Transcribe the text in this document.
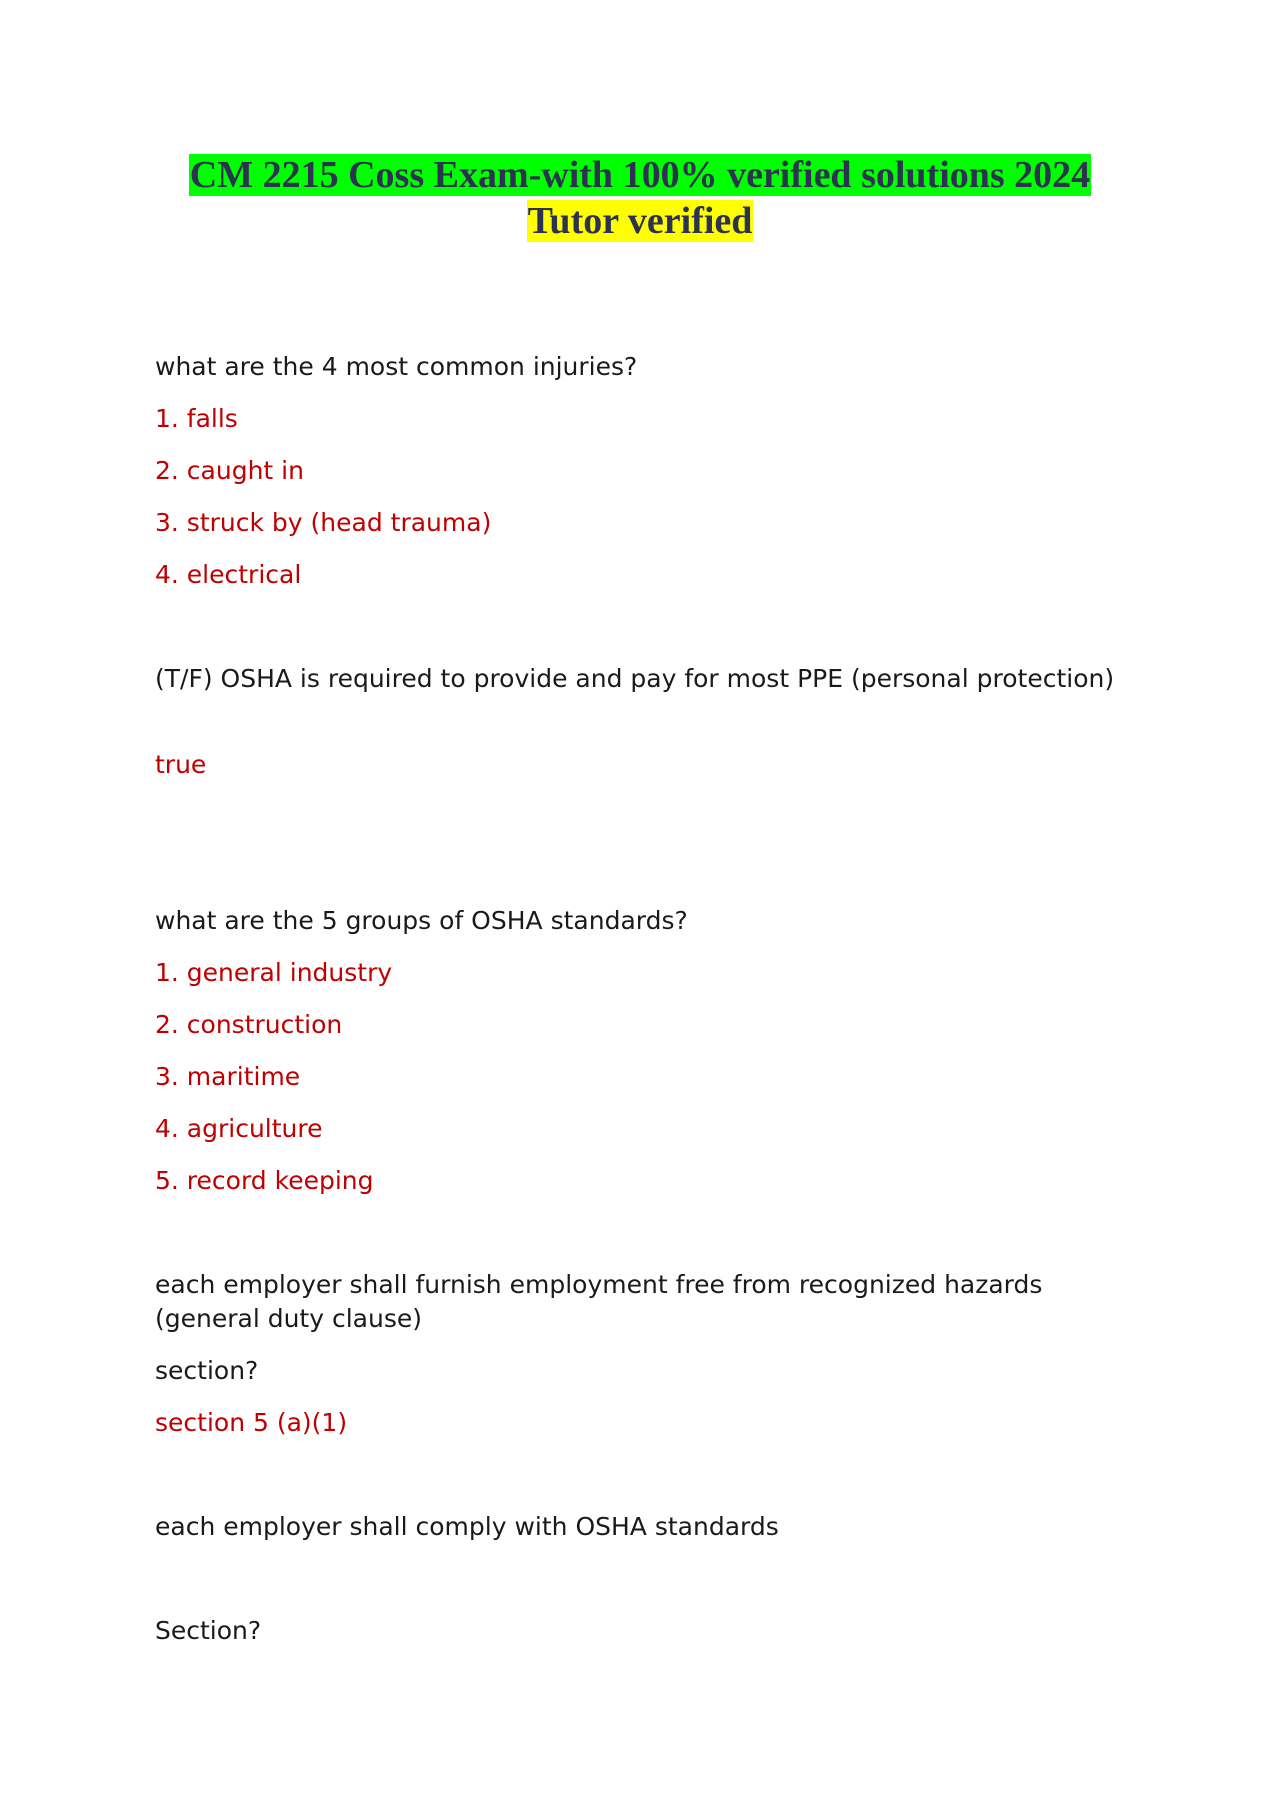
CM 2215 Coss Exam-with 100% verified solutions 2024
Tutor verified
what are the 4 most common injuries?
1. falls
2. caught in
3. struck by (head trauma)
4. electrical
(T/F) OSHA is required to provide and pay for most PPE (personal protection)
true
what are the 5 groups of OSHA standards?
1. general industry
2. construction
3. maritime
4. agriculture
5. record keeping
each employer shall furnish employment free from recognized hazards (general duty clause)
section?
section 5 (a)(1)
each employer shall comply with OSHA standards
Section?
